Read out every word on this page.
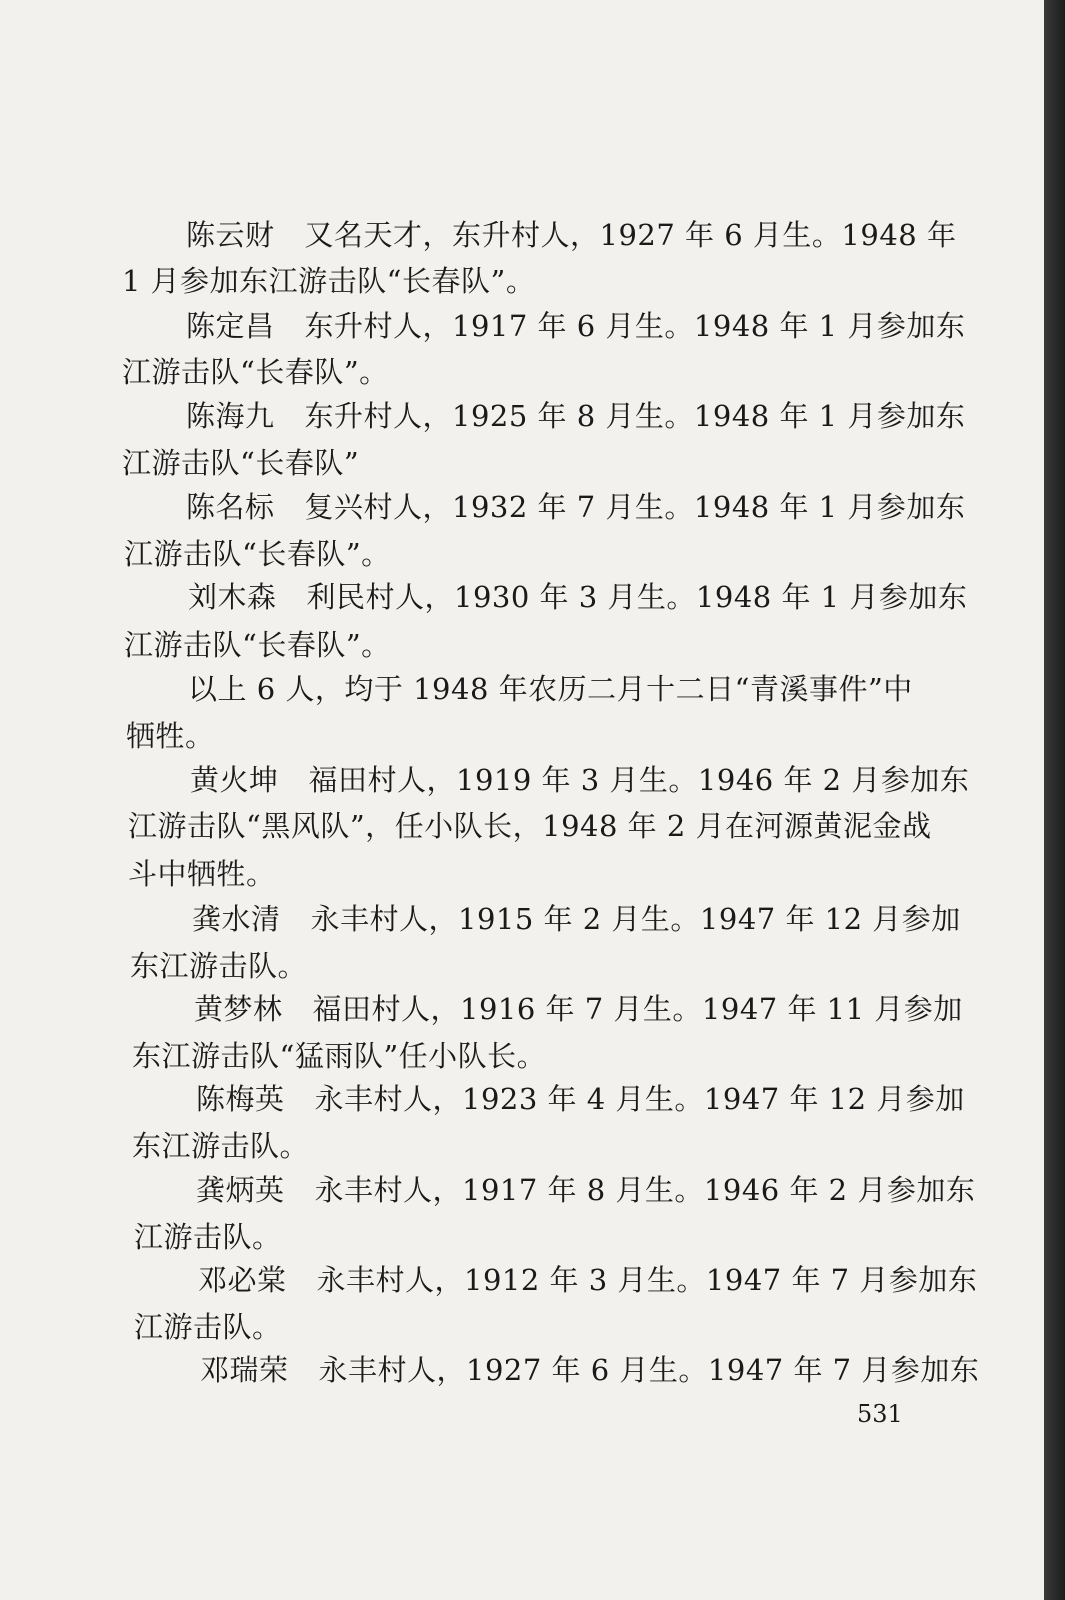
陈云财 又名天才，东升村人，1927 年 6 月生。1948 年
1 月参加东江游击队“长春队”。
陈定昌 东升村人，1917 年 6 月生。1948 年 1 月参加东
江游击队“长春队”。
陈海九 东升村人，1925 年 8 月生。1948 年 1 月参加东
江游击队“长春队”
陈名标 复兴村人，1932 年 7 月生。1948 年 1 月参加东
江游击队“长春队”。
刘木森 利民村人，1930 年 3 月生。1948 年 1 月参加东
江游击队“长春队”。
以上 6 人，均于 1948 年农历二月十二日“青溪事件”中
牺牲。
黄火坤 福田村人，1919 年 3 月生。1946 年 2 月参加东
江游击队“黑风队”，任小队长，1948 年 2 月在河源黄泥金战
斗中牺牲。
龚水清 永丰村人，1915 年 2 月生。1947 年 12 月参加
东江游击队。
黄梦林 福田村人，1916 年 7 月生。1947 年 11 月参加
东江游击队“猛雨队”任小队长。
陈梅英 永丰村人，1923 年 4 月生。1947 年 12 月参加
东江游击队。
龚炳英 永丰村人，1917 年 8 月生。1946 年 2 月参加东
江游击队。
邓必棠 永丰村人，1912 年 3 月生。1947 年 7 月参加东
江游击队。
邓瑞荣 永丰村人，1927 年 6 月生。1947 年 7 月参加东
531
